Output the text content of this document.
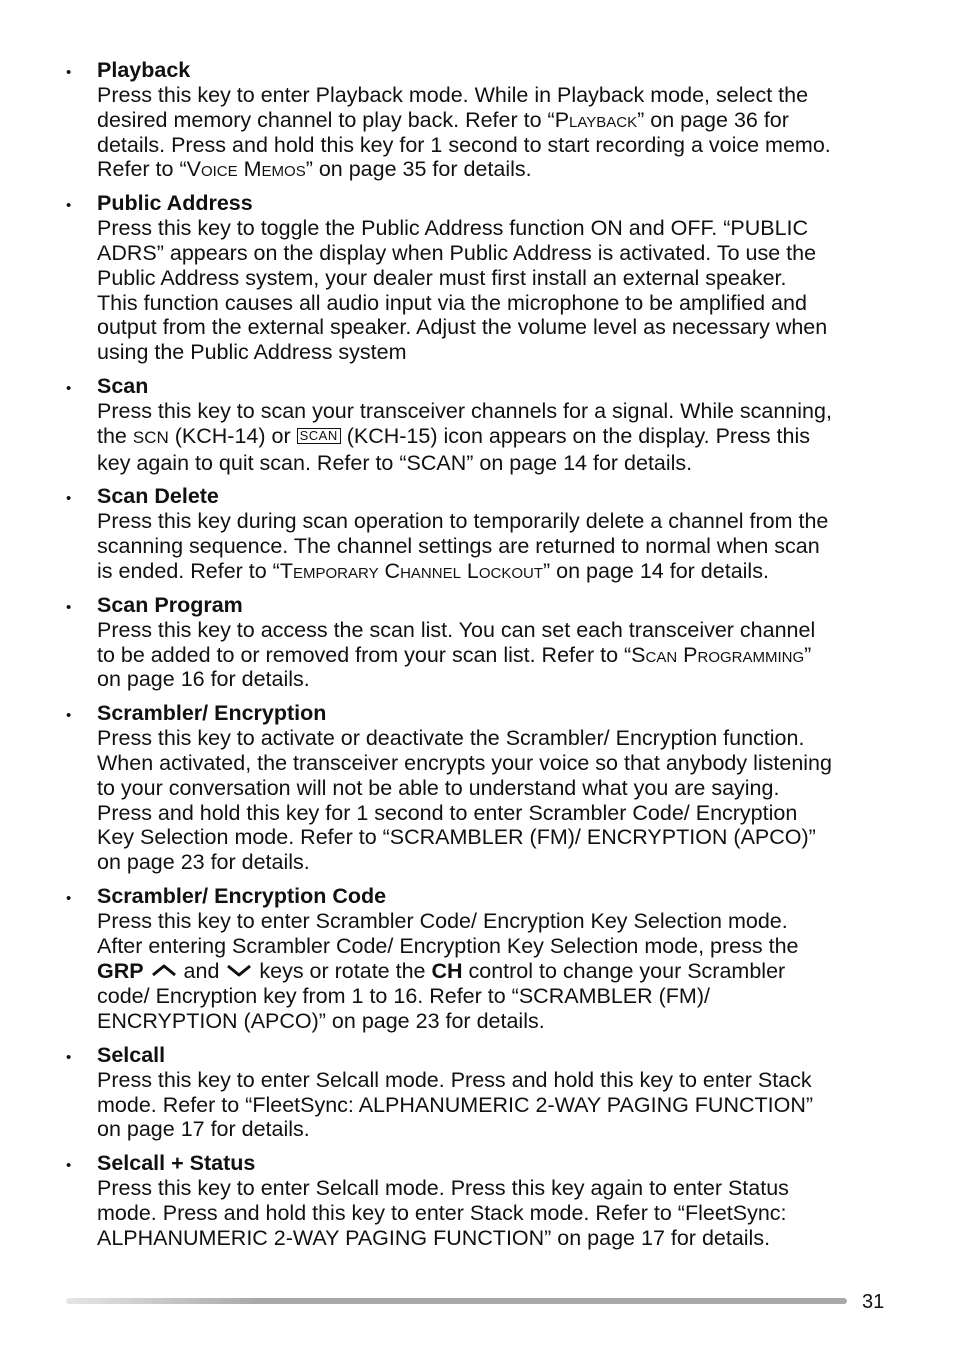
• Playback
Press this key to enter Playback mode. While in Playback mode, select the
desired memory channel to play back. Refer to “Playback” on page 36 for
details. Press and hold this key for 1 second to start recording a voice memo.
Refer to “Voice Memos” on page 35 for details.
• Public Address
Press this key to toggle the Public Address function ON and OFF. “PUBLIC
ADRS” appears on the display when Public Address is activated. To use the
Public Address system, your dealer must first install an external speaker.
This function causes all audio input via the microphone to be amplified and
output from the external speaker. Adjust the volume level as necessary when
using the Public Address system
• Scan
Press this key to scan your transceiver channels for a signal. While scanning,
the SCN (KCH-14) or SCAN (KCH-15) icon appears on the display. Press this
key again to quit scan. Refer to “SCAN” on page 14 for details.
• Scan Delete
Press this key during scan operation to temporarily delete a channel from the
scanning sequence. The channel settings are returned to normal when scan
is ended. Refer to “Temporary Channel Lockout” on page 14 for details.
• Scan Program
Press this key to access the scan list. You can set each transceiver channel
to be added to or removed from your scan list. Refer to “Scan Programming”
on page 16 for details.
• Scrambler/ Encryption
Press this key to activate or deactivate the Scrambler/ Encryption function.
When activated, the transceiver encrypts your voice so that anybody listening
to your conversation will not be able to understand what you are saying.
Press and hold this key for 1 second to enter Scrambler Code/ Encryption
Key Selection mode. Refer to “SCRAMBLER (FM)/ ENCRYPTION (APCO)”
on page 23 for details.
• Scrambler/ Encryption Code
Press this key to enter Scrambler Code/ Encryption Key Selection mode.
After entering Scrambler Code/ Encryption Key Selection mode, press the
GRP  and  keys or rotate the CH control to change your Scrambler
code/ Encryption key from 1 to 16. Refer to “SCRAMBLER (FM)/
ENCRYPTION (APCO)” on page 23 for details.
• Selcall
Press this key to enter Selcall mode. Press and hold this key to enter Stack
mode. Refer to “FleetSync: ALPHANUMERIC 2-WAY PAGING FUNCTION”
on page 17 for details.
• Selcall + Status
Press this key to enter Selcall mode. Press this key again to enter Status
mode. Press and hold this key to enter Stack mode. Refer to “FleetSync:
ALPHANUMERIC 2-WAY PAGING FUNCTION” on page 17 for details.
31
